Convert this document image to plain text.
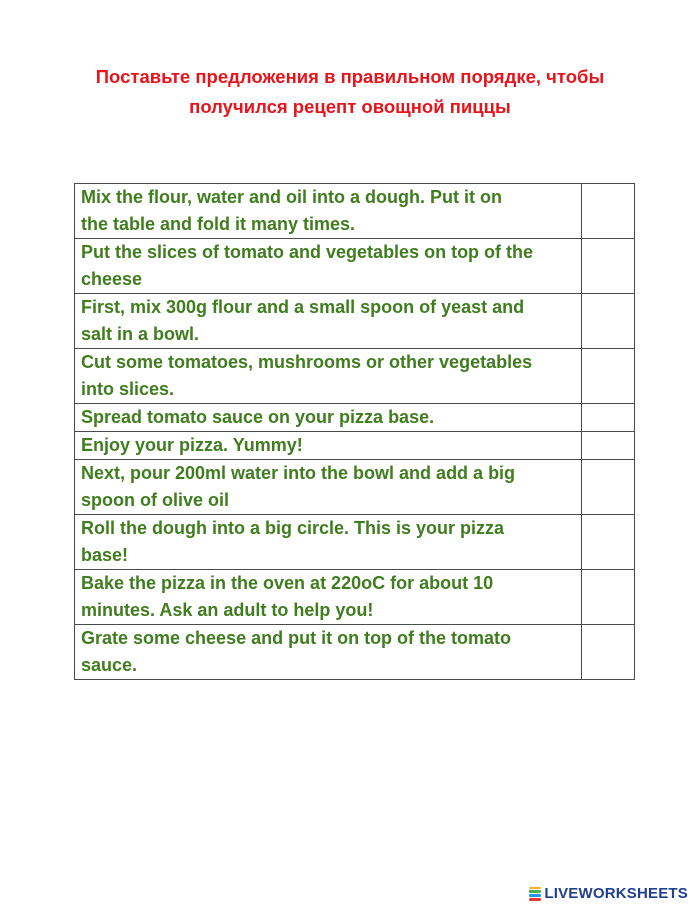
Поставьте предложения в правильном порядке, чтобы
получился рецепт овощной пиццы
Mix the flour, water and oil into a dough. Put it on
the table and fold it many times.	

Put the slices of tomato and vegetables on top of the
cheese	

First, mix 300g flour and a small spoon of yeast and
salt in a bowl.	

Cut some tomatoes, mushrooms or other vegetables
into slices.	

Spread tomato sauce on your pizza base.	

Enjoy your pizza. Yummy!	

Next, pour 200ml water into the bowl and add a big
spoon of olive oil	

Roll the dough into a big circle. This is your pizza
base!	

Bake the pizza in the oven at 220oC for about 10
minutes. Ask an adult to help you!	

Grate some cheese and put it on top of the tomato
sauce.	

LIVEWORKSHEETS
